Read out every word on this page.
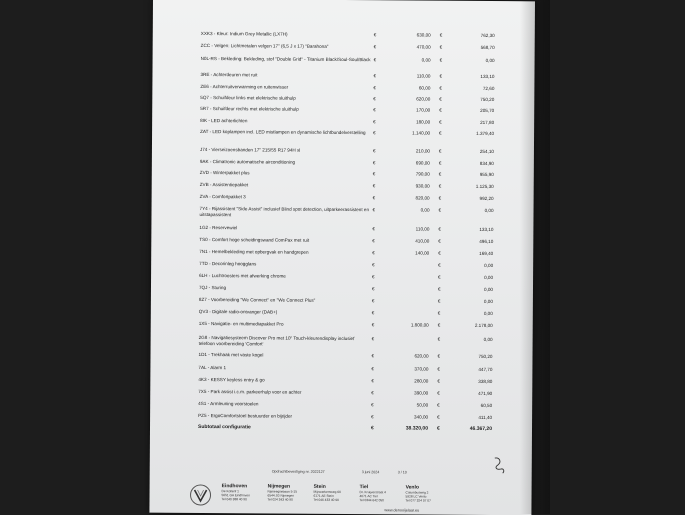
XXK3 - Kleur: Indium Grey Metallic (LX7H)	€	630,00 €	762,30
ZCC - Velgen: Lichtmetalen velgen 17" (6,5 J x 17) "Barahona"	€	470,00 €	568,70
N0L-RS - Bekleding: Bekleding, stof "Double Grid" - Titanium Black/Soul-Soul/Black €	0,00 €	0,00
3RE - Achterdeuren met ruit	€	110,00 €	133,10
ZE6 - Achterruitverwarming en ruitenwisser	€	60,00 €	72,60
5Q7 - Schuifdeur links met elektrische sluithulp	€	620,00 €	750,20
5R7 - Schuifdeur rechts met elektrische sluithulp	€	170,00 €	205,70
8IK - LED achterlichten	€	180,00 €	217,80
ZAT - LED koplampen incl. LED mistlampen en dynamische lichtbundelverstelling	€	1.140,00 €	1.379,40
J74 - Vierseizoensbanden 17" 215/55 R17 94H xl	€	210,00 €	254,10
9AK - Climatronic automatische airconditioning	€	690,00 €	834,90
ZVD - Winterpakket plus	€	790,00 €	955,90
ZVB - Assistentiepakket	€	930,00 €	1.125,30
ZVA - Comfortpakket 3	€	820,00 €	992,20
7Y4 - Rijassistent "Side Assist" inclusief Blind spot detection, uitparkeerassistent en uitstapassistent
€	0,00 €	0,00
1G2 - Reservewiel	€	110,00 €	133,10
TS0 - Comfort hoge scheidingswand ComPax met ruit	€	410,00 €	496,10
7N1 - Hemelbekleding met opbergvak en handgrepen	€	140,00 €	169,40
7TD - Decorinleg hoogglans	€	€	0,00
6LH - Luchtroosters met afwerking chrome	€	€	0,00
7QJ - Sturing	€	€	0,00
8Z7 - Voorbereiding "We Connect" en "We Connect Plus"	€	€	0,00
QV3 - Digitale radio-ontvanger (DAB+)	€	€	0,00
1X5 - Navigatie- en multimediapakket Pro	€	1.800,00 €	2.178,00
2G8 - Navigatiesysteem Discover Pro met 10" Touch-kleurendisplay inclusief telefoon voorbereiding 'Comfort'
€	€	0,00
1D1 - Trekhaak met vaste kogel	€	620,00 €	750,20
7AL - Alarm 1	€	370,00 €	447,70
4K3 - KESSY keyless entry & go	€	280,00 €	338,80
7X5 - Park assist i.c.m. parkeerhulp voor en achter	€	390,00 €	471,90
4S1 - Armleuning voorstoelen	€	50,00 €	60,50
PZ5 - ErgoComfortstoel bestuurder en bijrijder	€	340,00 €	411,40
Subtotaal configuratie	€	38.320,00 €	46.367,20
Opdrachtbevestiging nr. 2022127	3 juni 2024	3 / 10
Eindhoven
De Kollenf 1
5651 GA Eindhoven
Tel 040 388 40 90
Nijmegen
Nijmeegsebaan 5-15
6544 JG Nijmegen
Tel 024 343 40 90
Stein
Mijnwerkersweg 60
6171 AE Stein
Tel 046 433 40 90
Tiel
Dr. Kruijverstraat 4
4071 AC Tiel
Tel 0344 642 050
Venlo
Columbusweg 2
5928 LC Venlo
Tel 077 324 07 07
www.denooijelaar.eu
